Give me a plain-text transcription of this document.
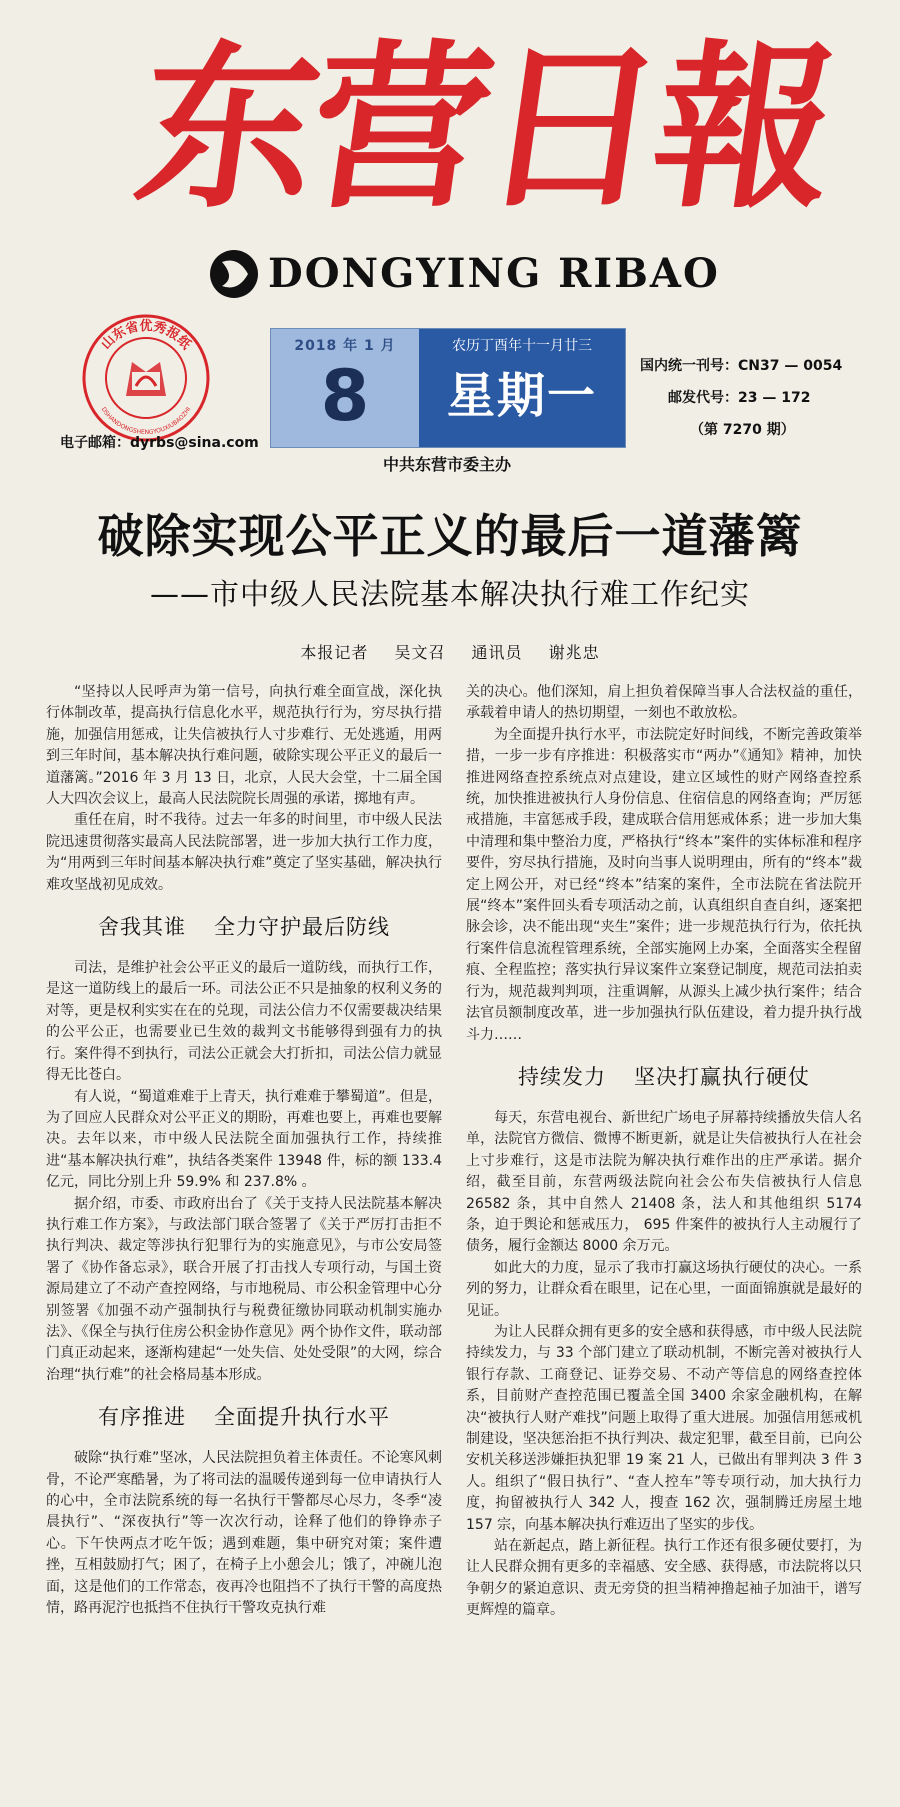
东营日報
DONGYING RIBAO
山东省优秀报纸
DSHANDONGSHENGYOUXIUBAOZHI
电子邮箱：dyrbs@sina.com
2018 年 1 月
8
农历丁酉年十一月廿三
星期一
中共东营市委主办
国内统一刊号：CN37 — 0054
邮发代号：23 — 172
（第 7270 期）
破除实现公平正义的最后一道藩篱
——市中级人民法院基本解决执行难工作纪实
本报记者 吴文召 通讯员 谢兆忠

“坚持以人民呼声为第一信号，向执行难全面宣战，深化执行体制改革，提高执行信息化水平，规范执行行为，穷尽执行措施，加强信用惩戒，让失信被执行人寸步难行、无处逃遁，用两到三年时间，基本解决执行难问题，破除实现公平正义的最后一道藩篱。”2016 年 3 月 13 日，北京，人民大会堂，十二届全国人大四次会议上，最高人民法院院长周强的承诺，掷地有声。

重任在肩，时不我待。过去一年多的时间里，市中级人民法院迅速贯彻落实最高人民法院部署，进一步加大执行工作力度，为“用两到三年时间基本解决执行难”奠定了坚实基础，解决执行难攻坚战初见成效。

舍我其谁 全力守护最后防线

司法，是维护社会公平正义的最后一道防线，而执行工作，是这一道防线上的最后一环。司法公正不只是抽象的权利义务的对等，更是权利实实在在的兑现，司法公信力不仅需要裁决结果的公平公正，也需要业已生效的裁判文书能够得到强有力的执行。案件得不到执行，司法公正就会大打折扣，司法公信力就显得无比苍白。

有人说，“蜀道难难于上青天，执行难难于攀蜀道”。但是，为了回应人民群众对公平正义的期盼，再难也要上，再难也要解决。去年以来，市中级人民法院全面加强执行工作，持续推进“基本解决执行难”，执结各类案件 13948 件，标的额 133.4 亿元，同比分别上升 59.9% 和 237.8% 。

据介绍，市委、市政府出台了《关于支持人民法院基本解决执行难工作方案》，与政法部门联合签署了《关于严厉打击拒不执行判决、裁定等涉执行犯罪行为的实施意见》，与市公安局签署了《协作备忘录》，联合开展了打击找人专项行动，与国土资源局建立了不动产查控网络，与市地税局、市公积金管理中心分别签署《加强不动产强制执行与税费征缴协同联动机制实施办法》、《保全与执行住房公积金协作意见》两个协作文件，联动部门真正动起来，逐渐构建起“一处失信、处处受限”的大网，综合治理“执行难”的社会格局基本形成。

有序推进 全面提升执行水平

破除“执行难”坚冰，人民法院担负着主体责任。不论寒风刺骨，不论严寒酷暑，为了将司法的温暖传递到每一位申请执行人的心中，全市法院系统的每一名执行干警都尽心尽力，冬季“凌晨执行”、“深夜执行”等一次次行动，诠释了他们的铮铮赤子心。下午快两点才吃午饭；遇到难题，集中研究对策；案件遭挫，互相鼓励打气；困了，在椅子上小憩会儿；饿了，冲碗儿泡面，这是他们的工作常态，夜再冷也阻挡不了执行干警的高度热情，路再泥泞也抵挡不住执行干警攻克执行难

关的决心。他们深知，肩上担负着保障当事人合法权益的重任，承载着申请人的热切期望，一刻也不敢放松。

为全面提升执行水平，市法院定好时间线，不断完善政策举措，一步一步有序推进：积极落实市“两办”《通知》精神，加快推进网络查控系统点对点建设，建立区域性的财产网络查控系统，加快推进被执行人身份信息、住宿信息的网络查询；严厉惩戒措施，丰富惩戒手段，建成联合信用惩戒体系；进一步加大集中清理和集中整治力度，严格执行“终本”案件的实体标准和程序要件，穷尽执行措施，及时向当事人说明理由，所有的“终本”裁定上网公开，对已经“终本”结案的案件，全市法院在省法院开展“终本”案件回头看专项活动之前，认真组织自查自纠，逐案把脉会诊，决不能出现“夹生”案件；进一步规范执行行为，依托执行案件信息流程管理系统，全部实施网上办案，全面落实全程留痕、全程监控；落实执行异议案件立案登记制度，规范司法拍卖行为，规范裁判判项，注重调解，从源头上减少执行案件；结合法官员额制度改革，进一步加强执行队伍建设，着力提升执行战斗力……

持续发力 坚决打赢执行硬仗

每天，东营电视台、新世纪广场电子屏幕持续播放失信人名单，法院官方微信、微博不断更新，就是让失信被执行人在社会上寸步难行，这是市法院为解决执行难作出的庄严承诺。据介绍，截至目前，东营两级法院向社会公布失信被执行人信息 26582 条，其中自然人 21408 条，法人和其他组织 5174 条，迫于舆论和惩戒压力， 695 件案件的被执行人主动履行了债务，履行金额达 8000 余万元。

如此大的力度，显示了我市打赢这场执行硬仗的决心。一系列的努力，让群众看在眼里，记在心里，一面面锦旗就是最好的见证。

为让人民群众拥有更多的安全感和获得感，市中级人民法院持续发力，与 33 个部门建立了联动机制，不断完善对被执行人银行存款、工商登记、证券交易、不动产等信息的网络查控体系，目前财产查控范围已覆盖全国 3400 余家金融机构，在解决“被执行人财产难找”问题上取得了重大进展。加强信用惩戒机制建设，坚决惩治拒不执行判决、裁定犯罪，截至目前，已向公安机关移送涉嫌拒执犯罪 19 案 21 人，已做出有罪判决 3 件 3 人。组织了“假日执行”、“查人控车”等专项行动，加大执行力度，拘留被执行人 342 人，搜查 162 次，强制腾迁房屋土地 157 宗，向基本解决执行难迈出了坚实的步伐。

站在新起点，踏上新征程。执行工作还有很多硬仗要打，为让人民群众拥有更多的幸福感、安全感、获得感，市法院将以只争朝夕的紧迫意识、责无旁贷的担当精神撸起袖子加油干，谱写更辉煌的篇章。
